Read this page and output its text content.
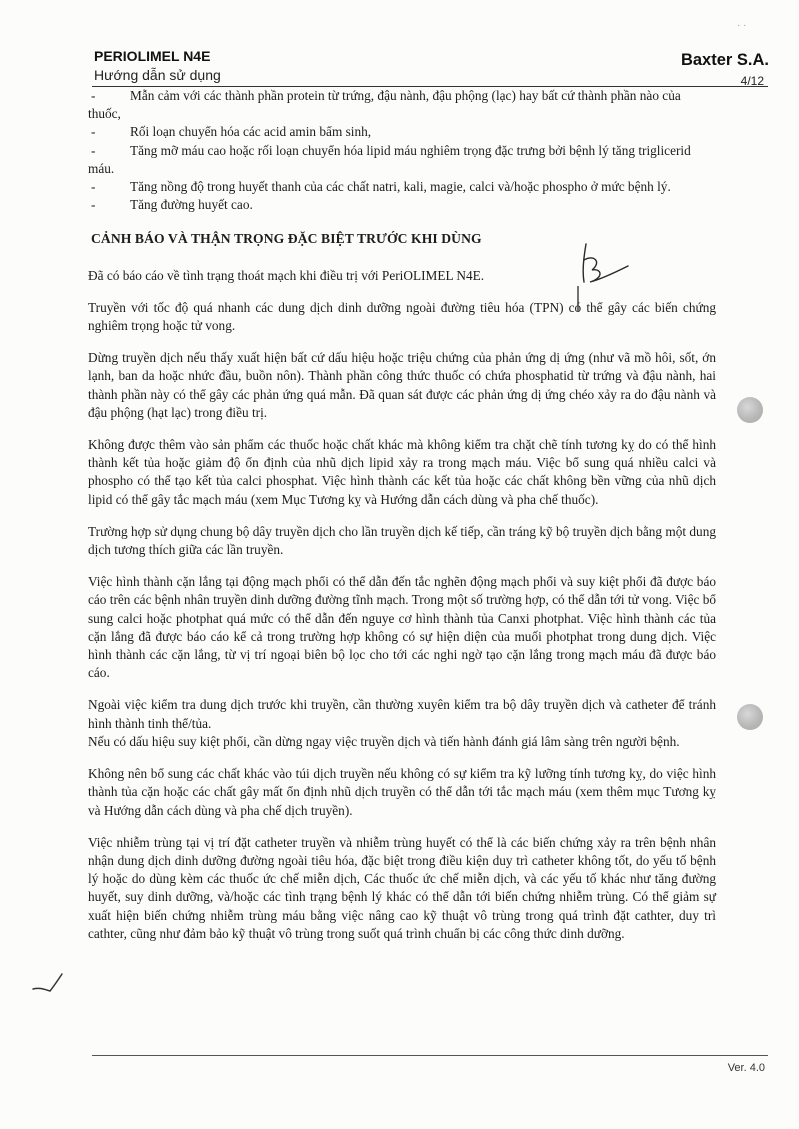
· ·
PERIOLIMEL N4E
Hướng dẫn sử dụng
Baxter S.A.
4/12
-	Mẫn cảm với các thành phần protein từ trứng, đậu nành, đậu phộng (lạc) hay bất cứ thành phần nào của thuốc,
-	Rối loạn chuyển hóa các acid amin bẩm sinh,
-	Tăng mỡ máu cao hoặc rối loạn chuyển hóa lipid máu nghiêm trọng đặc trưng bởi bệnh lý tăng triglicerid máu.
-	Tăng nồng độ trong huyết thanh của các chất natri, kali, magie, calci và/hoặc phospho ở mức bệnh lý.
-	Tăng đường huyết cao.

CẢNH BÁO VÀ THẬN TRỌNG ĐẶC BIỆT TRƯỚC KHI DÙNG

Đã có báo cáo về tình trạng thoát mạch khi điều trị với PeriOLIMEL N4E.

Truyền với tốc độ quá nhanh các dung dịch dinh dưỡng ngoài đường tiêu hóa (TPN) có thể gây các biến chứng nghiêm trọng hoặc tử vong.

Dừng truyền dịch nếu thấy xuất hiện bất cứ dấu hiệu hoặc triệu chứng của phản ứng dị ứng (như vã mồ hôi, sốt, ớn lạnh, ban da hoặc nhức đầu, buồn nôn). Thành phần công thức thuốc có chứa phosphatid từ trứng và đậu nành, hai thành phần này có thể gây các phản ứng quá mẫn. Đã quan sát được các phản ứng dị ứng chéo xảy ra do đậu nành và đậu phộng (hạt lạc) trong điều trị.

Không được thêm vào sản phẩm các thuốc hoặc chất khác mà không kiểm tra chặt chẽ tính tương kỵ do có thể hình thành kết tủa hoặc giảm độ ổn định của nhũ dịch lipid xảy ra trong mạch máu. Việc bổ sung quá nhiều calci và phospho có thể tạo kết tủa calci phosphat. Việc hình thành các kết tủa hoặc các chất không bền vững của nhũ dịch lipid có thể gây tắc mạch máu (xem Mục Tương kỵ và Hướng dẫn cách dùng và pha chế thuốc).

Trường hợp sử dụng chung bộ dây truyền dịch cho lần truyền dịch kế tiếp, cần tráng kỹ bộ truyền dịch bằng một dung dịch tương thích giữa các lần truyền.

Việc hình thành cặn lắng tại động mạch phổi có thể dẫn đến tắc nghẽn động mạch phổi và suy kiệt phổi đã được báo cáo trên các bệnh nhân truyền dinh dưỡng đường tĩnh mạch. Trong một số trường hợp, có thể dẫn tới tử vong. Việc bổ sung calci hoặc photphat quá mức có thể dẫn đến nguye cơ hình thành tủa Canxi photphat. Việc hình thành các tủa cặn lắng đã được báo cáo kể cả trong trường hợp không có sự hiện diện của muối photphat trong dung dịch. Việc hình thành các cặn lắng, từ vị trí ngoại biên bộ lọc cho tới các nghi ngờ tạo cặn lắng trong mạch máu đã được báo cáo.

Ngoài việc kiểm tra dung dịch trước khi truyền, cần thường xuyên kiểm tra bộ dây truyền dịch và catheter để tránh hình thành tinh thể/tủa.

Nếu có dấu hiệu suy kiệt phổi, cần dừng ngay việc truyền dịch và tiến hành đánh giá lâm sàng trên người bệnh.

Không nên bổ sung các chất khác vào túi dịch truyền nếu không có sự kiểm tra kỹ lưỡng tính tương kỵ, do việc hình thành tủa cặn hoặc các chất gây mất ổn định nhũ dịch truyền có thể dẫn tới tắc mạch máu (xem thêm mục Tương kỵ và Hướng dẫn cách dùng và pha chế dịch truyền).

Việc nhiễm trùng tại vị trí đặt catheter truyền và nhiễm trùng huyết có thể là các biến chứng xảy ra trên bệnh nhân nhận dung dịch dinh dưỡng đường ngoài tiêu hóa, đặc biệt trong điều kiện duy trì catheter không tốt, do yếu tố bệnh lý hoặc do dùng kèm các thuốc ức chế miễn dịch, Các thuốc ức chế miễn dịch, và các yếu tố khác như tăng đường huyết, suy dinh dưỡng, và/hoặc các tình trạng bệnh lý khác có thể dẫn tới biến chứng nhiễm trùng. Có thể giảm sự xuất hiện biến chứng nhiễm trùng máu bằng việc nâng cao kỹ thuật vô trùng trong quá trình đặt cathter, duy trì cathter, cũng như đảm bảo kỹ thuật vô trùng trong suốt quá trình chuẩn bị các công thức dinh dưỡng.

Ver. 4.0
